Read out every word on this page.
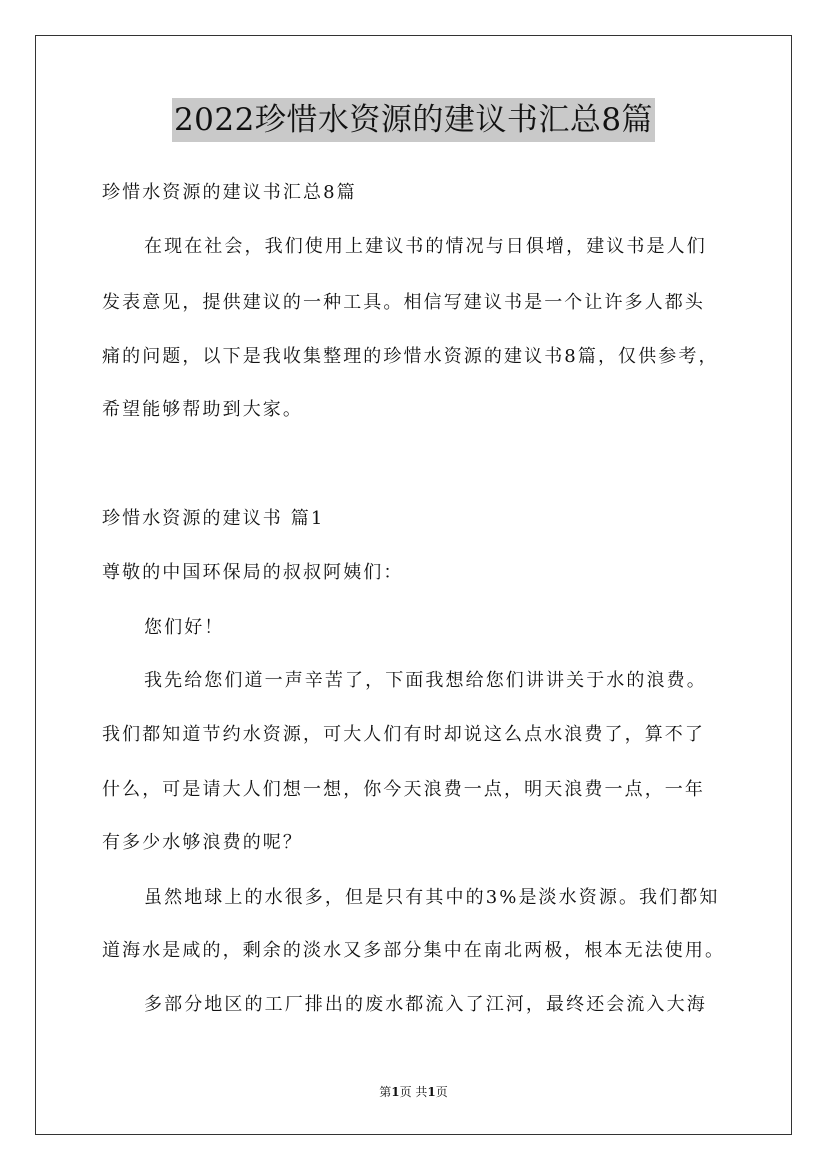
2022珍惜水资源的建议书汇总8篇
珍惜水资源的建议书汇总8篇
在现在社会，我们使用上建议书的情况与日俱增，建议书是人们
发表意见，提供建议的一种工具。相信写建议书是一个让许多人都头
痛的问题，以下是我收集整理的珍惜水资源的建议书8篇，仅供参考，
希望能够帮助到大家。
珍惜水资源的建议书 篇1
尊敬的中国环保局的叔叔阿姨们：
您们好！
我先给您们道一声辛苦了，下面我想给您们讲讲关于水的浪费。
我们都知道节约水资源，可大人们有时却说这么点水浪费了，算不了
什么，可是请大人们想一想，你今天浪费一点，明天浪费一点，一年
有多少水够浪费的呢？
虽然地球上的水很多，但是只有其中的3%是淡水资源。我们都知
道海水是咸的，剩余的淡水又多部分集中在南北两极，根本无法使用。
多部分地区的工厂排出的废水都流入了江河，最终还会流入大海
第1页 共1页
